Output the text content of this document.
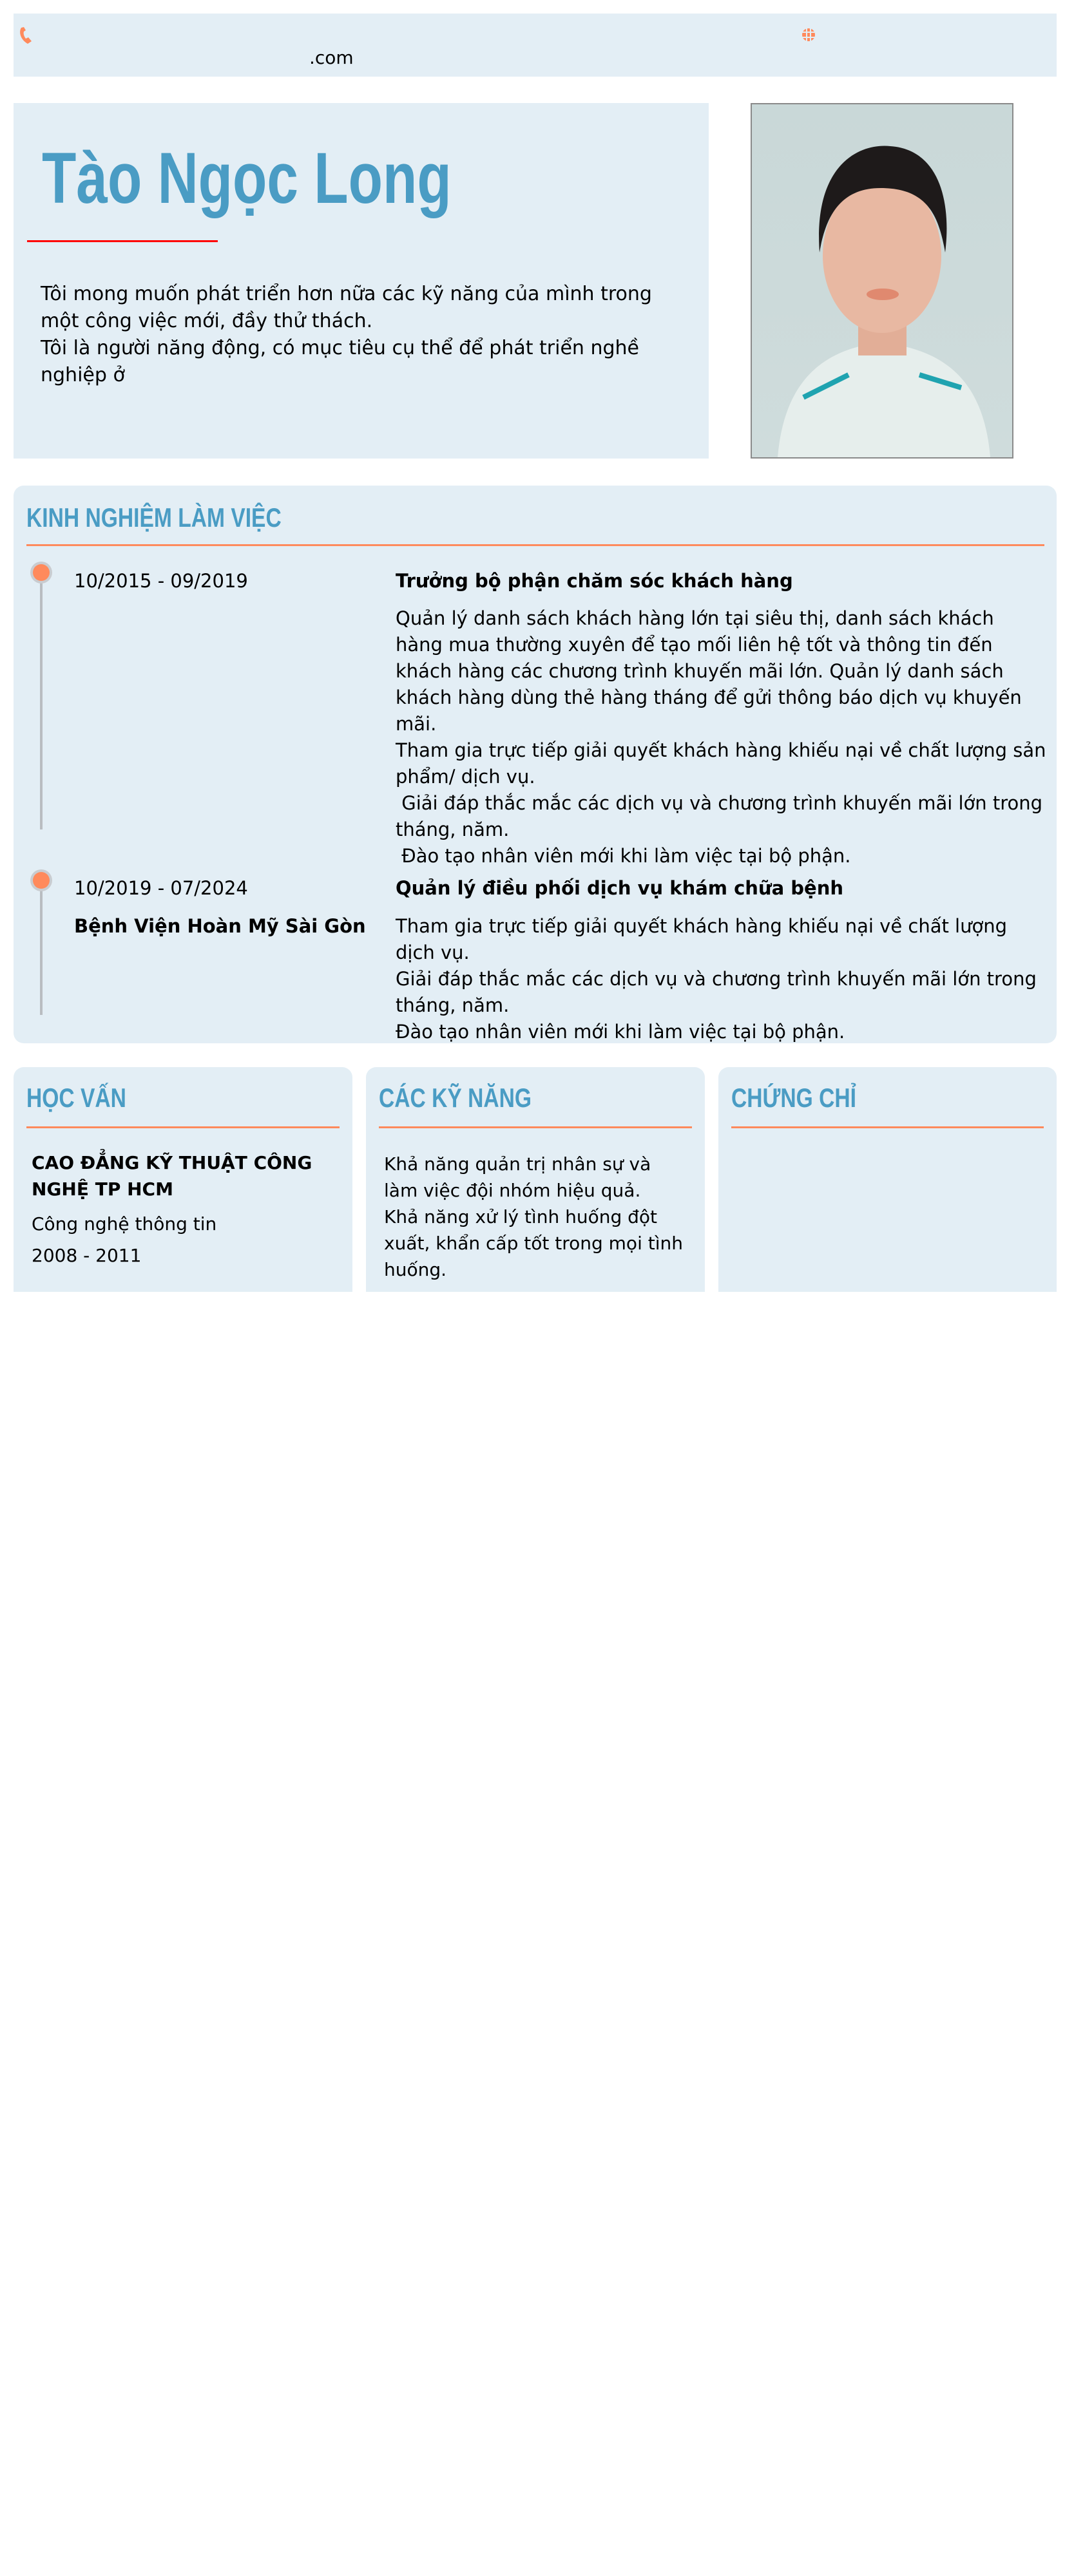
.com
Tào Ngọc Long
Tôi mong muốn phát triển hơn nữa các kỹ năng của mình trong một công việc mới, đầy thử thách.
Tôi là người năng động, có mục tiêu cụ thể để phát triển nghề nghiệp ở
KINH NGHIỆM LÀM VIỆC
10/2015 - 09/2019	Trưởng bộ phận chăm sóc khách hàng
Quản lý danh sách khách hàng lớn tại siêu thị, danh sách khách hàng mua thường xuyên để tạo mối liên hệ tốt và thông tin đến khách hàng các chương trình khuyến mãi lớn. Quản lý danh sách khách hàng dùng thẻ hàng tháng để gửi thông báo dịch vụ khuyến mãi.
Tham gia trực tiếp giải quyết khách hàng khiếu nại về chất lượng sản phẩm/ dịch vụ.
Giải đáp thắc mắc các dịch vụ và chương trình khuyến mãi lớn trong tháng, năm.
Đào tạo nhân viên mới khi làm việc tại bộ phận.
10/2019 - 07/2024
Bệnh Viện Hoàn Mỹ Sài Gòn
Quản lý điều phối dịch vụ khám chữa bệnh
Tham gia trực tiếp giải quyết khách hàng khiếu nại về chất lượng dịch vụ.
Giải đáp thắc mắc các dịch vụ và chương trình khuyến mãi lớn trong tháng, năm.
Đào tạo nhân viên mới khi làm việc tại bộ phận.
HỌC VẤN
CAO ĐẲNG KỸ THUẬT CÔNG NGHỆ TP HCM
Công nghệ thông tin
2008 - 2011
CÁC KỸ NĂNG
Khả năng quản trị nhân sự và làm việc đội nhóm hiệu quả.
Khả năng xử lý tình huống đột xuất, khẩn cấp tốt trong mọi tình huống.
CHỨNG CHỈ
